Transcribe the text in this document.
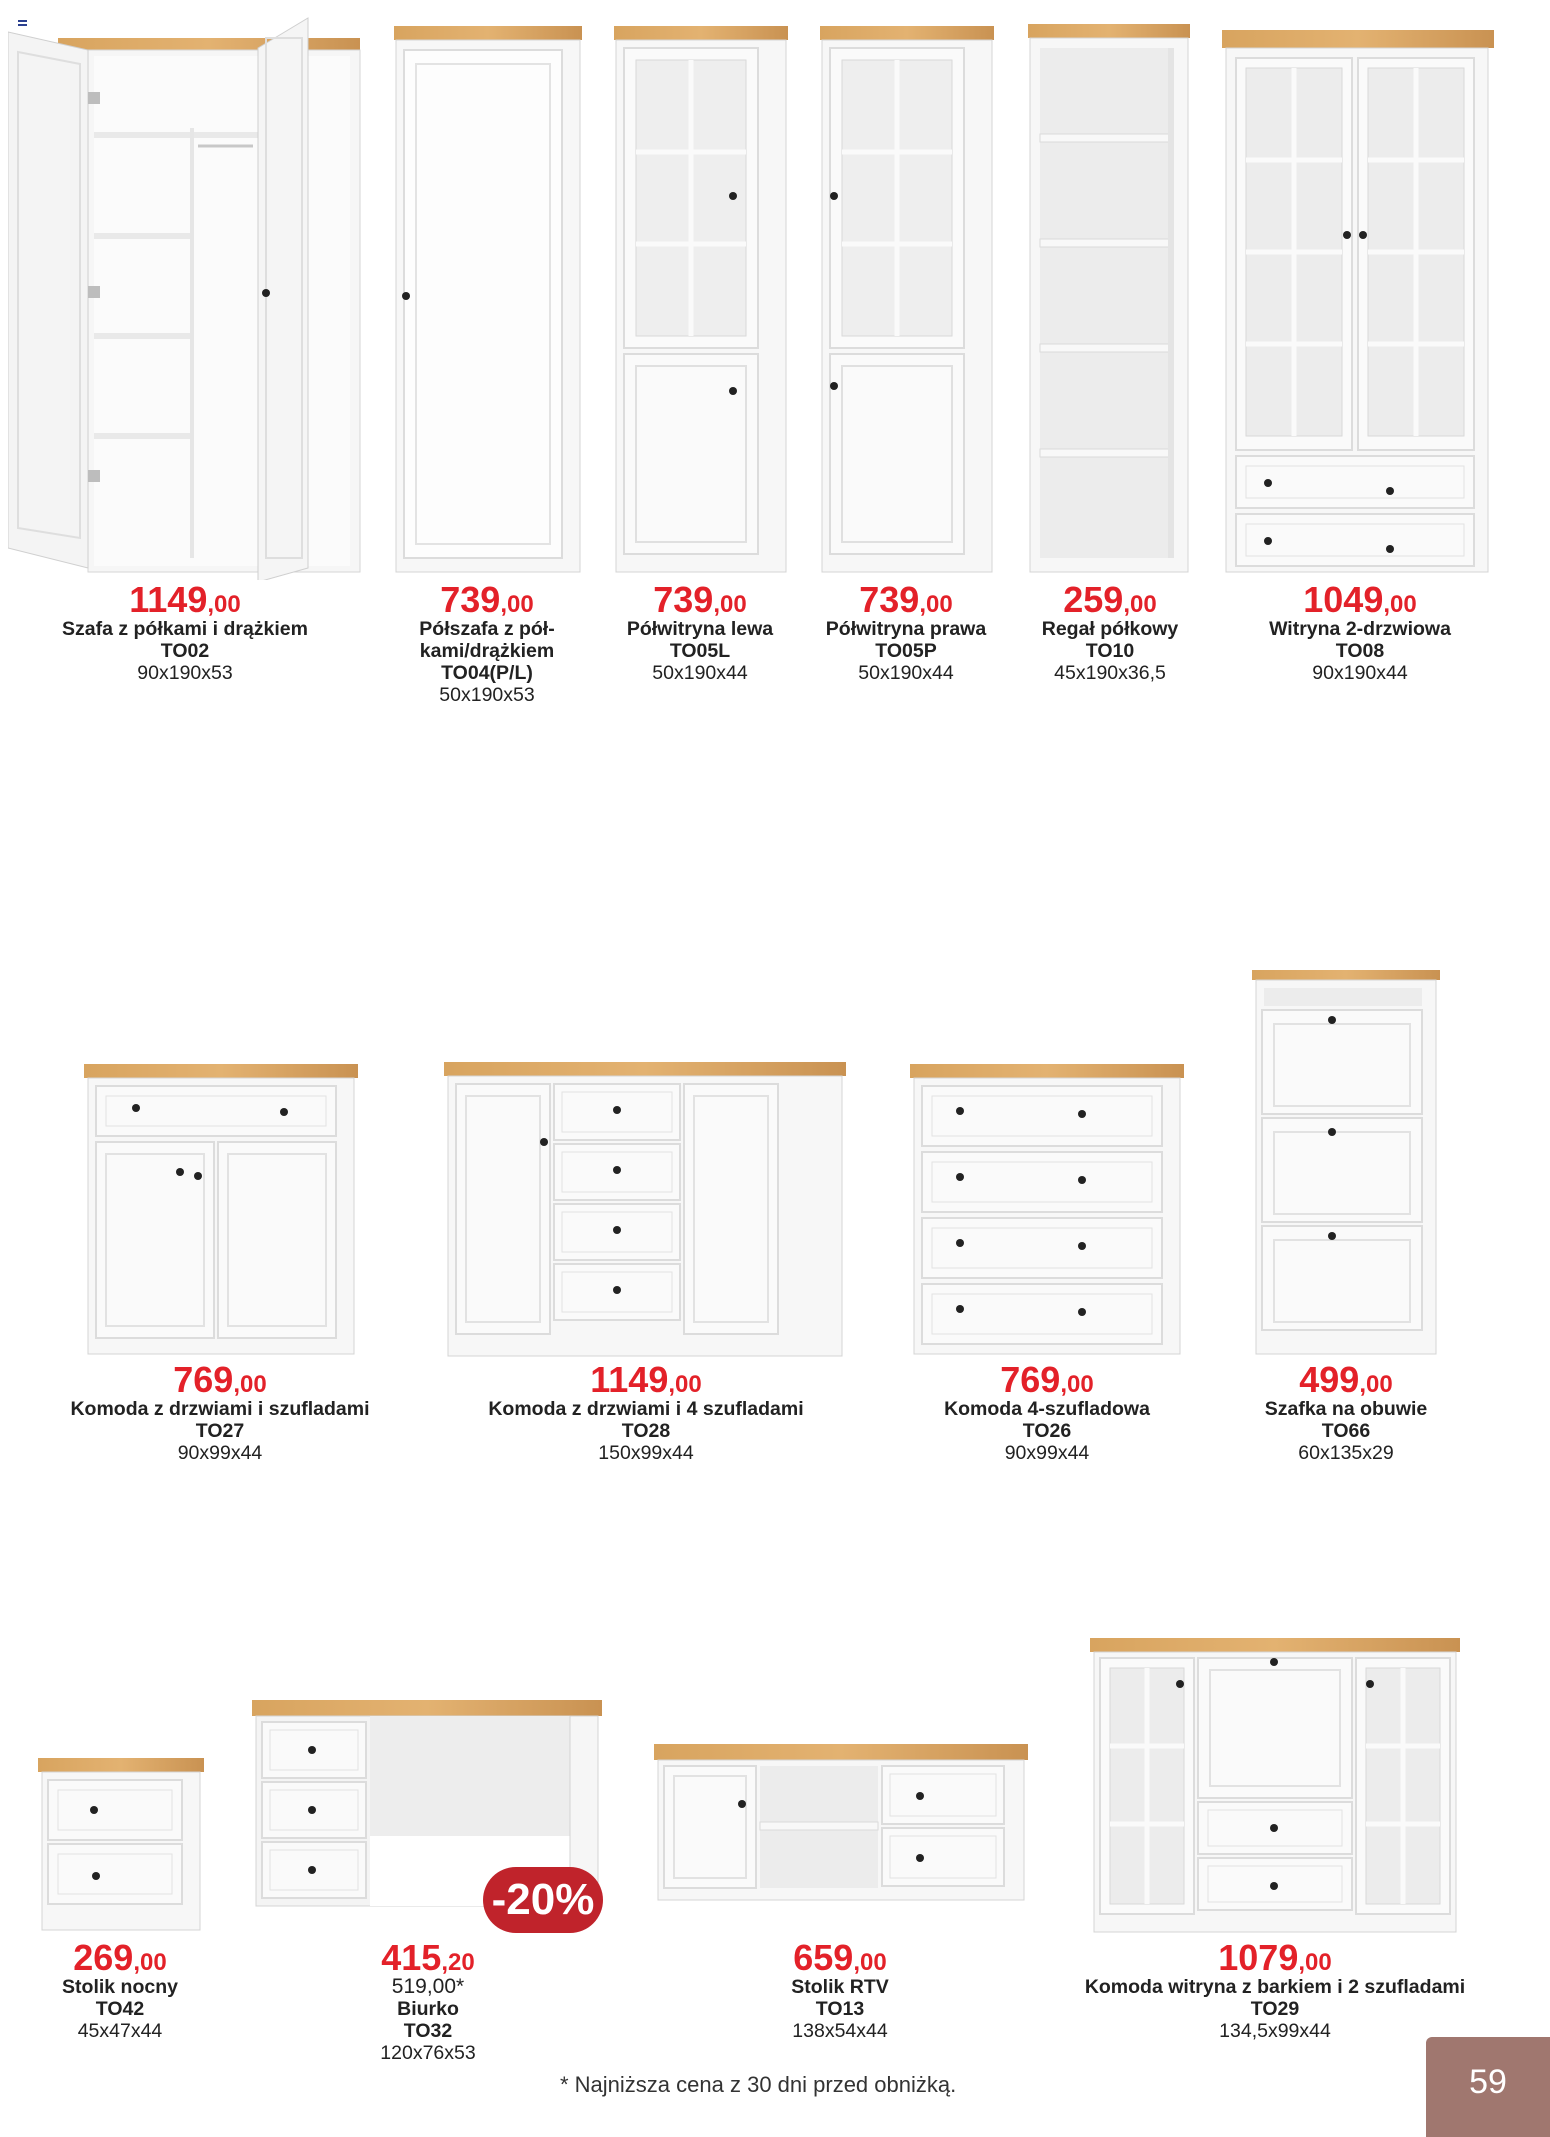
1149,00
Szafa z półkami i drążkiem
TO02
90x190x53
739,00
Półszafa z pół-
kami/drążkiem
TO04(P/L)
50x190x53
739,00
Półwitryna lewa
TO05L
50x190x44
739,00
Półwitryna prawa
TO05P
50x190x44
259,00
Regał półkowy
TO10
45x190x36,5
1049,00
Witryna 2-drzwiowa
TO08
90x190x44
769,00
Komoda z drzwiami i szufladami
TO27
90x99x44
1149,00
Komoda z drzwiami i 4 szufladami
TO28
150x99x44
769,00
Komoda 4-szufladowa
TO26
90x99x44
499,00
Szafka na obuwie
TO66
60x135x29
269,00
Stolik nocny
TO42
45x47x44
-20%
415,20
519,00*
Biurko
TO32
120x76x53
659,00
Stolik RTV
TO13
138x54x44
1079,00
Komoda witryna z barkiem i 2 szufladami
TO29
134,5x99x44
* Najniższa cena z 30 dni przed obniżką.	59
